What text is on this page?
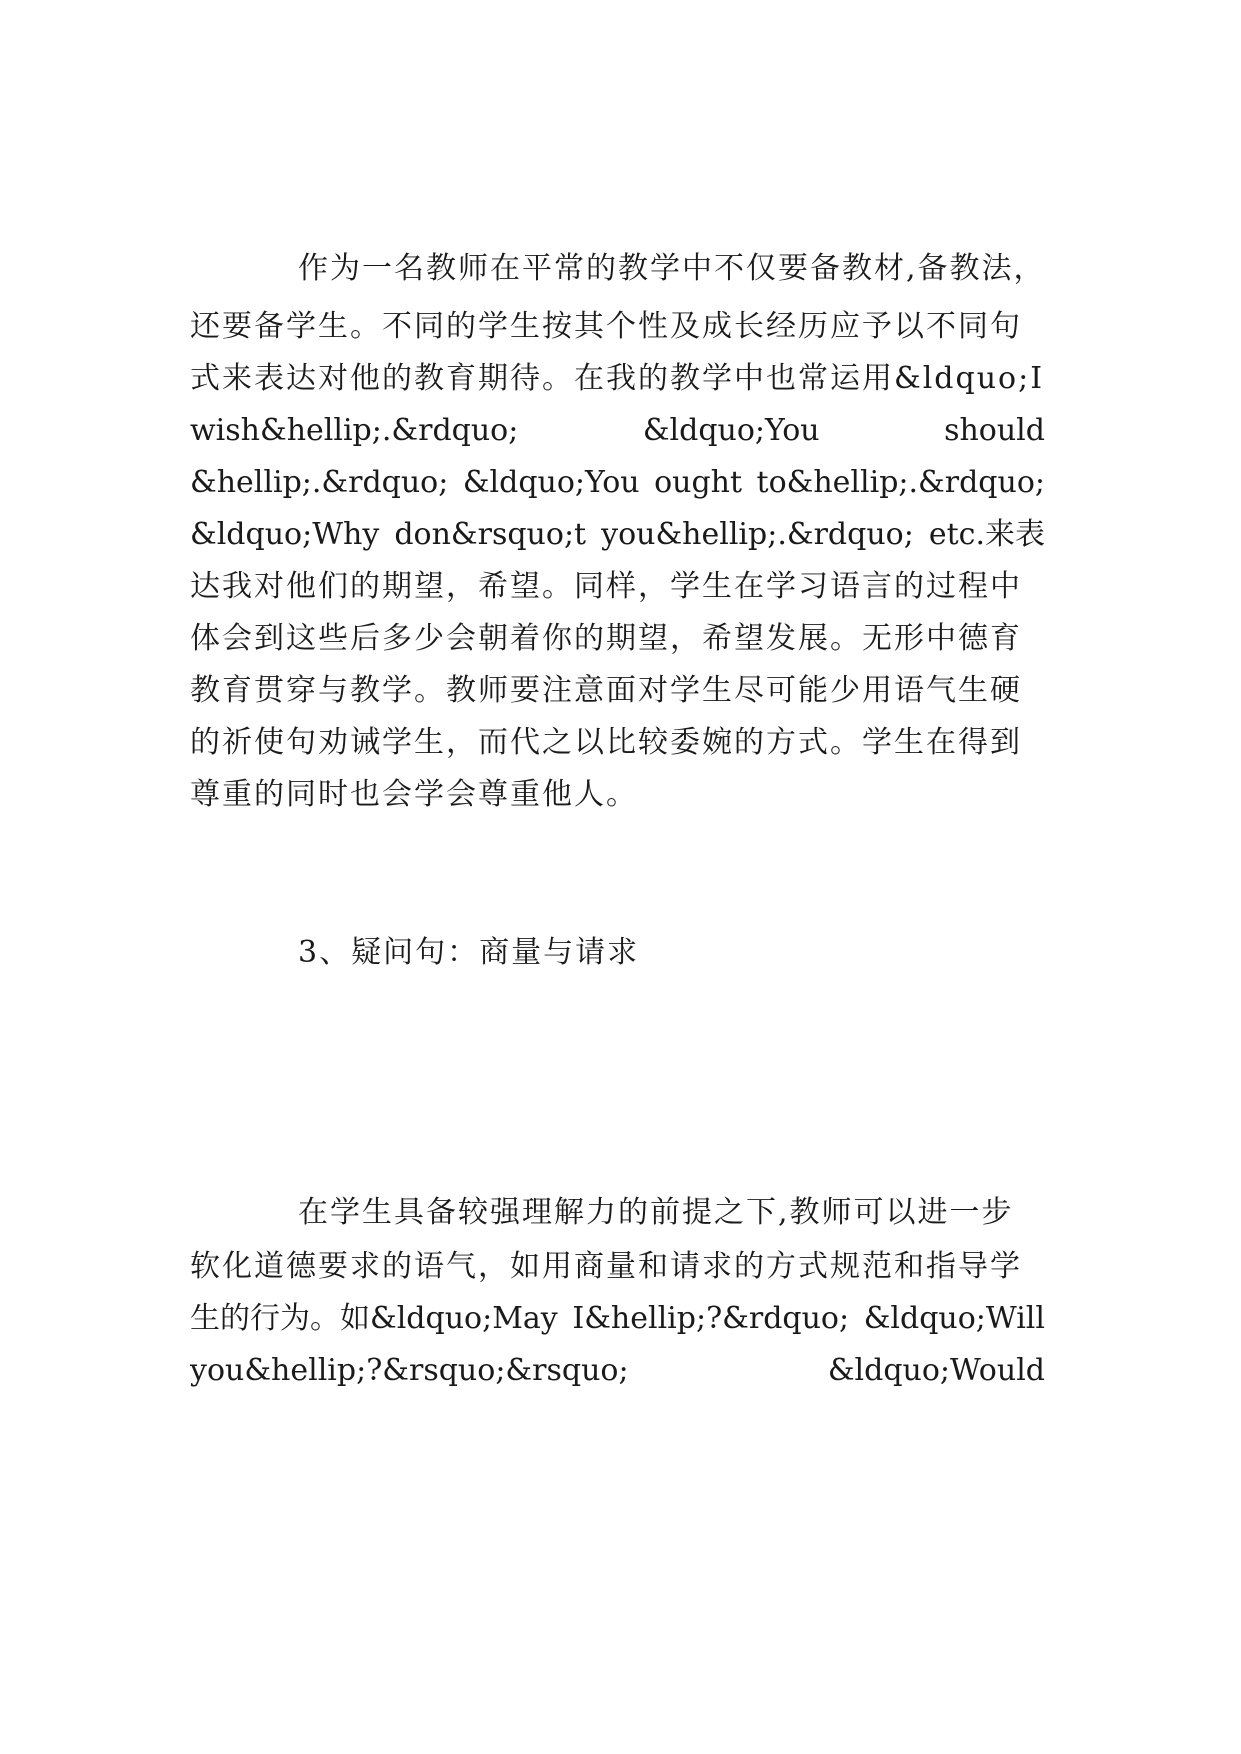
作为一名教师在平常的教学中不仅要备教材,备教法，
还要备学生。不同的学生按其个性及成长经历应予以不同句
式来表达对他的教育期待。在我的教学中也常运用&ldquo;I
wish&hellip;.&rdquo;	&ldquo;You	should
&hellip;.&rdquo; &ldquo;You ought to&hellip;.&rdquo;
&ldquo;Why don&rsquo;t you&hellip;.&rdquo; etc.来表
达我对他们的期望，希望。同样，学生在学习语言的过程中
体会到这些后多少会朝着你的期望，希望发展。无形中德育
教育贯穿与教学。教师要注意面对学生尽可能少用语气生硬
的祈使句劝诫学生，而代之以比较委婉的方式。学生在得到
尊重的同时也会学会尊重他人。
3、疑问句：商量与请求
在学生具备较强理解力的前提之下,教师可以进一步
软化道德要求的语气，如用商量和请求的方式规范和指导学
生的行为。如&ldquo;May I&hellip;?&rdquo; &ldquo;Will
you&hellip;?&rsquo;&rsquo;	&ldquo;Would
